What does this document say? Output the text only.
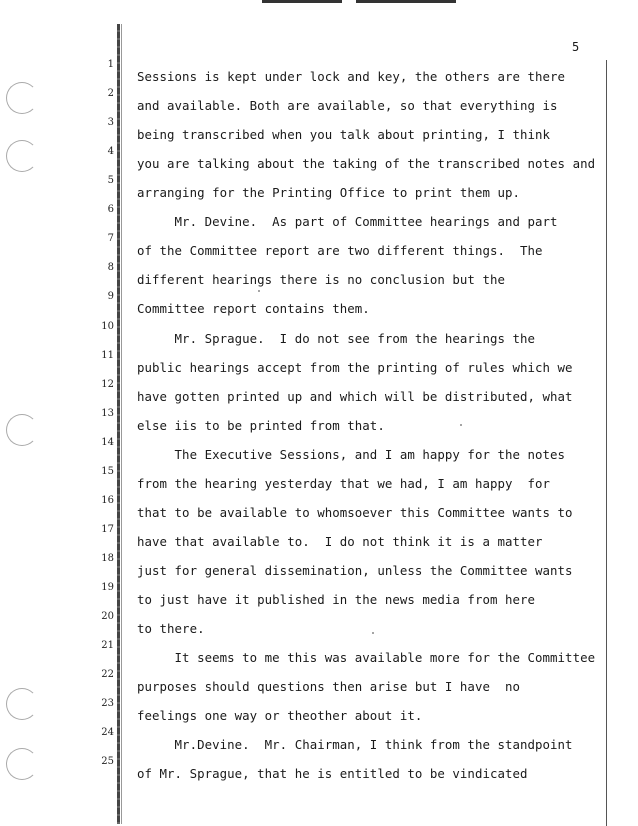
5
1
2
3
4
5
6
7
8
9
10
11
12
13
14
15
16
17
18
19
20
21
22
23
24
25
Sessions is kept under lock and key, the others are there
and available. Both are available, so that everything is
being transcribed when you talk about printing, I think
you are talking about the taking of the transcribed notes and
arranging for the Printing Office to print them up.
Mr. Devine.  As part of Committee hearings and part
of the Committee report are two different things.  The
different hearings there is no conclusion but the
Committee report contains them.
Mr. Sprague.  I do not see from the hearings the
public hearings accept from the printing of rules which we
have gotten printed up and which will be distributed, what
else iis to be printed from that.
The Executive Sessions, and I am happy for the notes
from the hearing yesterday that we had, I am happy  for
that to be available to whomsoever this Committee wants to
have that available to.  I do not think it is a matter
just for general dissemination, unless the Committee wants
to just have it published in the news media from here
to there.
It seems to me this was available more for the Committee
purposes should questions then arise but I have  no
feelings one way or theother about it.
Mr.Devine.  Mr. Chairman, I think from the standpoint
of Mr. Sprague, that he is entitled to be vindicated
